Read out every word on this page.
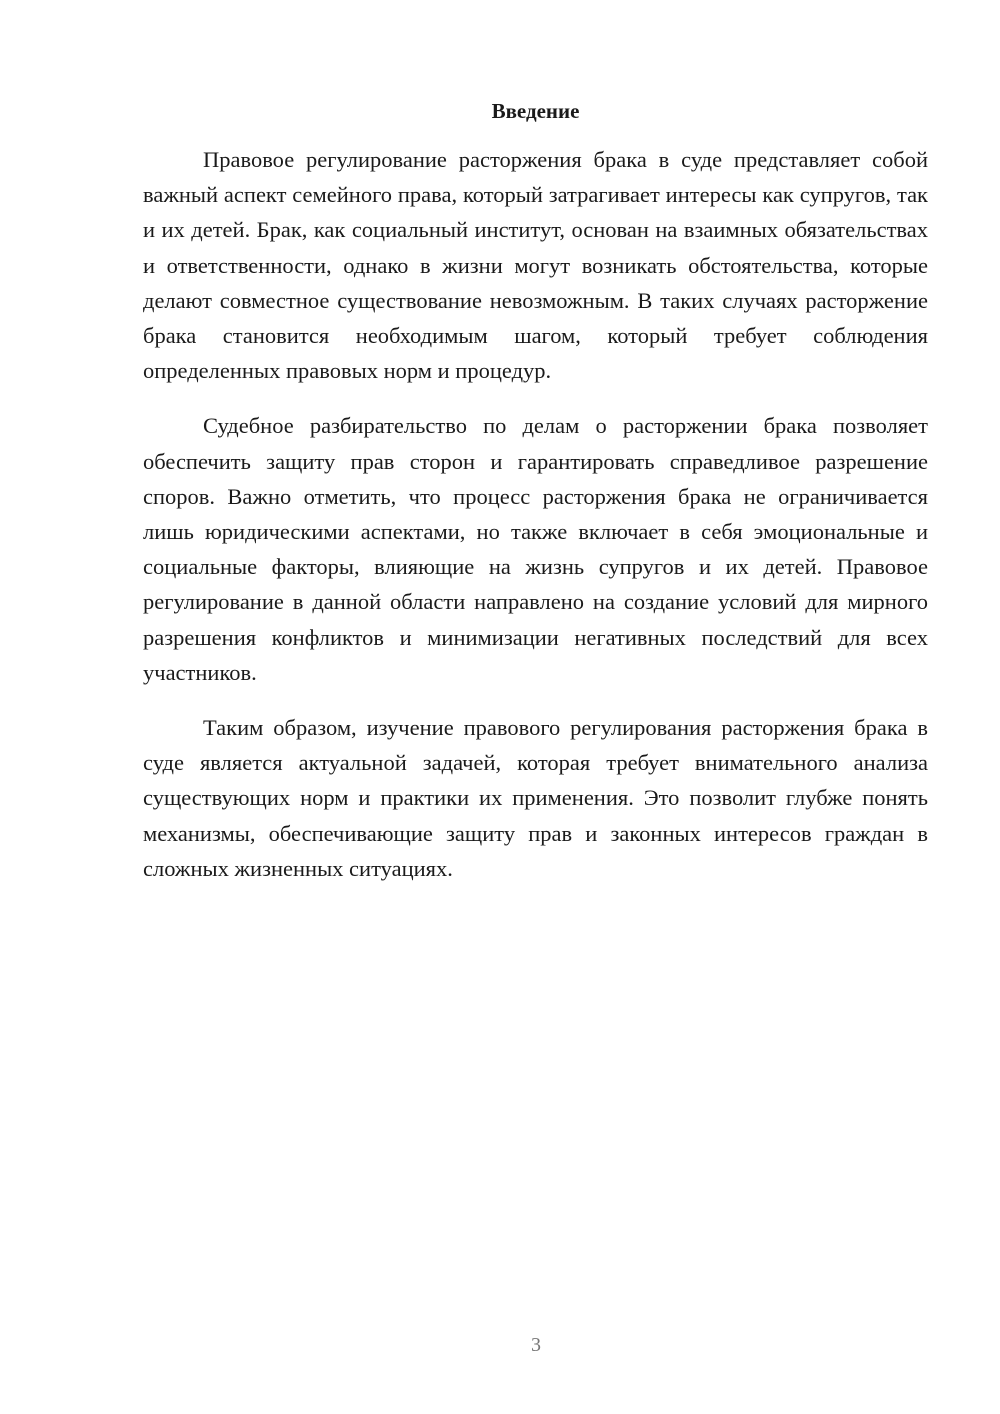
Введение

Правовое регулирование расторжения брака в суде представляет собой важный аспект семейного права, который затрагивает интересы как супругов, так и их детей. Брак, как социальный институт, основан на взаимных обязательствах и ответственности, однако в жизни могут возникать обстоятельства, которые делают совместное существование невозможным. В таких случаях расторжение брака становится необходимым шагом, который требует соблюдения определенных правовых норм и процедур.

Судебное разбирательство по делам о расторжении брака позволяет обеспечить защиту прав сторон и гарантировать справедливое разрешение споров. Важно отметить, что процесс расторжения брака не ограничивается лишь юридическими аспектами, но также включает в себя эмоциональные и социальные факторы, влияющие на жизнь супругов и их детей. Правовое регулирование в данной области направлено на создание условий для мирного разрешения конфликтов и минимизации негативных последствий для всех участников.

Таким образом, изучение правового регулирования расторжения брака в суде является актуальной задачей, которая требует внимательного анализа существующих норм и практики их применения. Это позволит глубже понять механизмы, обеспечивающие защиту прав и законных интересов граждан в сложных жизненных ситуациях.

3
